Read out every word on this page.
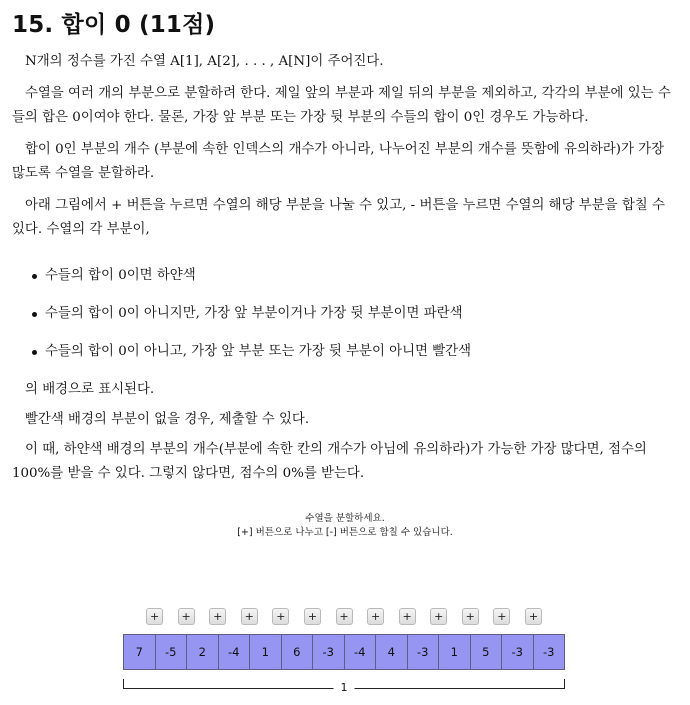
15. 합이 0 (11점)

N개의 정수를 가진 수열 A[1], A[2], . . . , A[N]이 주어진다.

수열을 여러 개의 부분으로 분할하려 한다. 제일 앞의 부분과 제일 뒤의 부분을 제외하고, 각각의 부분에 있는 수들의 합은 0이여야 한다. 물론, 가장 앞 부분 또는 가장 뒷 부분의 수들의 합이 0인 경우도 가능하다.

합이 0인 부분의 개수 (부분에 속한 인덱스의 개수가 아니라, 나누어진 부분의 개수를 뜻함에 유의하라)가 가장 많도록 수열을 분할하라.

아래 그림에서 + 버튼을 누르면 수열의 해당 부분을 나눌 수 있고, - 버튼을 누르면 수열의 해당 부분을 합칠 수 있다. 수열의 각 부분이,

수들의 합이 0이면 하얀색
수들의 합이 0이 아니지만, 가장 앞 부분이거나 가장 뒷 부분이면 파란색
수들의 합이 0이 아니고, 가장 앞 부분 또는 가장 뒷 부분이 아니면 빨간색

의 배경으로 표시된다.

빨간색 배경의 부분이 없을 경우, 제출할 수 있다.

이 때, 하얀색 배경의 부분의 개수(부분에 속한 칸의 개수가 아님에 유의하라)가 가능한 가장 많다면, 점수의 100%를 받을 수 있다. 그렇지 않다면, 점수의 0%를 받는다.

수열을 분할하세요.
[+] 버튼으로 나누고 [-] 버튼으로 합칠 수 있습니다.
+	+	+	+	+	+	+	+	+	+	+	+	+
7	-5	2	-4	1	6	-3	-4	4	-3	1	5	-3	-3
1
